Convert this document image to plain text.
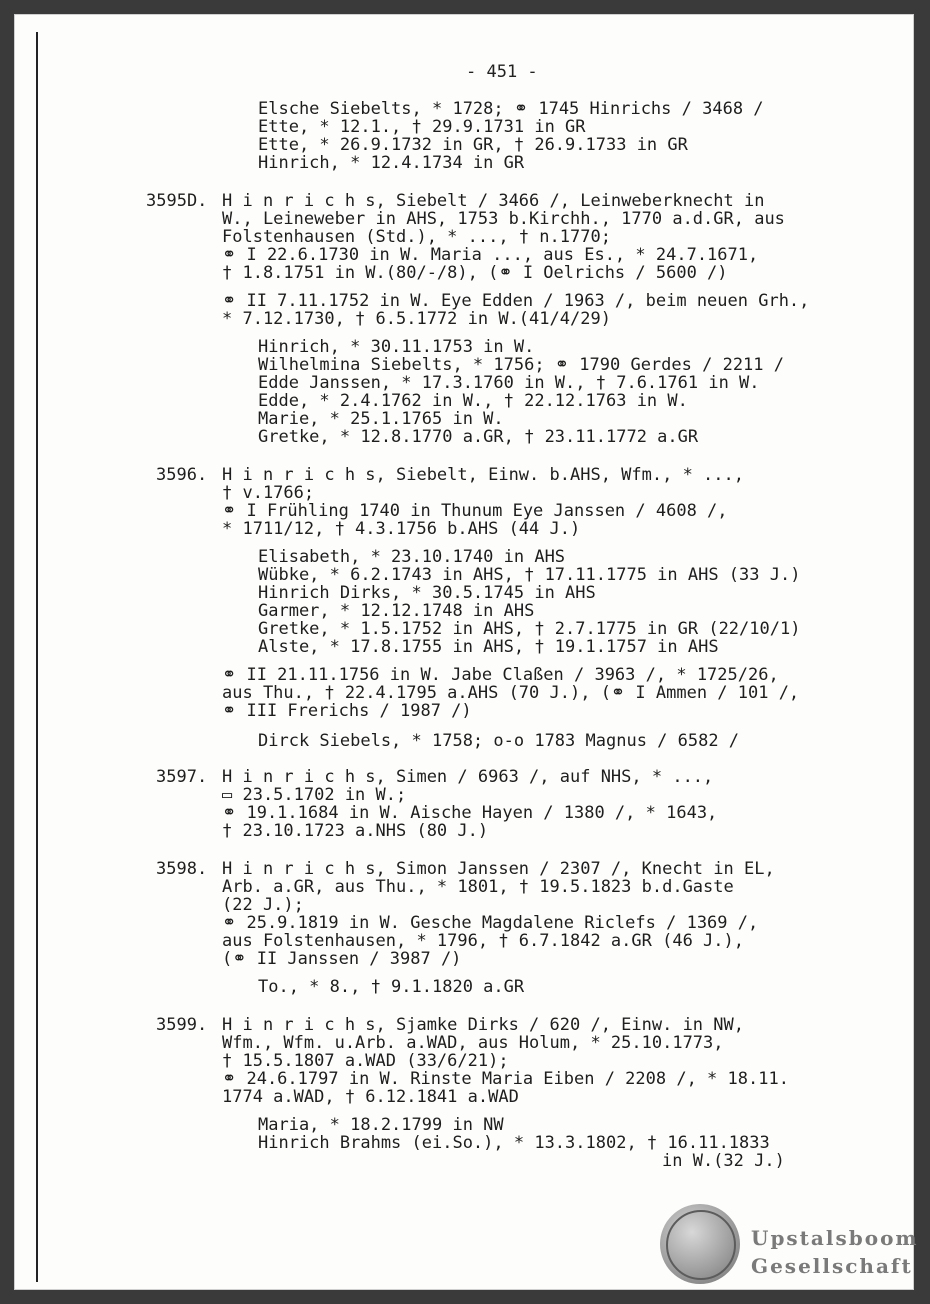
- 451 -
Elsche Siebelts, * 1728; ⚭ 1745 Hinrichs / 3468 /
Ette, * 12.1., † 29.9.1731 in GR
Ette, * 26.9.1732 in GR, † 26.9.1733 in GR
Hinrich, * 12.4.1734 in GR
H i n r i c h s, Siebelt / 3466 /, Leinweberknecht in
W., Leineweber in AHS, 1753 b.Kirchh., 1770 a.d.GR, aus
Folstenhausen (Std.), * ..., † n.1770;
⚭ I 22.6.1730 in W. Maria ..., aus Es., * 24.7.1671,
† 1.8.1751 in W.(80/-/8), (⚭ I Oelrichs / 5600 /)
⚭ II 7.11.1752 in W. Eye Edden / 1963 /, beim neuen Grh.,
* 7.12.1730, † 6.5.1772 in W.(41/4/29)
Hinrich, * 30.11.1753 in W.
Wilhelmina Siebelts, * 1756; ⚭ 1790 Gerdes / 2211 /
Edde Janssen, * 17.3.1760 in W., † 7.6.1761 in W.
Edde, * 2.4.1762 in W., † 22.12.1763 in W.
Marie, * 25.1.1765 in W.
Gretke, * 12.8.1770 a.GR, † 23.11.1772 a.GR
H i n r i c h s, Siebelt, Einw. b.AHS, Wfm., * ...,
† v.1766;
⚭ I Frühling 1740 in Thunum Eye Janssen / 4608 /,
* 1711/12, † 4.3.1756 b.AHS (44 J.)
Elisabeth, * 23.10.1740 in AHS
Wübke, * 6.2.1743 in AHS, † 17.11.1775 in AHS (33 J.)
Hinrich Dirks, * 30.5.1745 in AHS
Garmer, * 12.12.1748 in AHS
Gretke, * 1.5.1752 in AHS, † 2.7.1775 in GR (22/10/1)
Alste, * 17.8.1755 in AHS, † 19.1.1757 in AHS
⚭ II 21.11.1756 in W. Jabe Claßen / 3963 /, * 1725/26,
aus Thu., † 22.4.1795 a.AHS (70 J.), (⚭ I Ammen / 101 /,
⚭ III Frerichs / 1987 /)
Dirck Siebels, * 1758; o-o 1783 Magnus / 6582 /
H i n r i c h s, Simen / 6963 /, auf NHS, * ...,
▭ 23.5.1702 in W.;
⚭ 19.1.1684 in W. Aische Hayen / 1380 /, * 1643,
† 23.10.1723 a.NHS (80 J.)
H i n r i c h s, Simon Janssen / 2307 /, Knecht in EL,
Arb. a.GR, aus Thu., * 1801, † 19.5.1823 b.d.Gaste
(22 J.);
⚭ 25.9.1819 in W. Gesche Magdalene Riclefs / 1369 /,
aus Folstenhausen, * 1796, † 6.7.1842 a.GR (46 J.),
(⚭ II Janssen / 3987 /)
To., * 8., † 9.1.1820 a.GR
H i n r i c h s, Sjamke Dirks / 620 /, Einw. in NW,
Wfm., Wfm. u.Arb. a.WAD, aus Holum, * 25.10.1773,
† 15.5.1807 a.WAD (33/6/21);
⚭ 24.6.1797 in W. Rinste Maria Eiben / 2208 /, * 18.11.
1774 a.WAD, † 6.12.1841 a.WAD
Maria, * 18.2.1799 in NW
Hinrich Brahms (ei.So.), * 13.3.1802, † 16.11.1833
in W.(32 J.)
3595D.
3596.
3597.
3598.
3599.
Upstalsboom
Gesellschaft
